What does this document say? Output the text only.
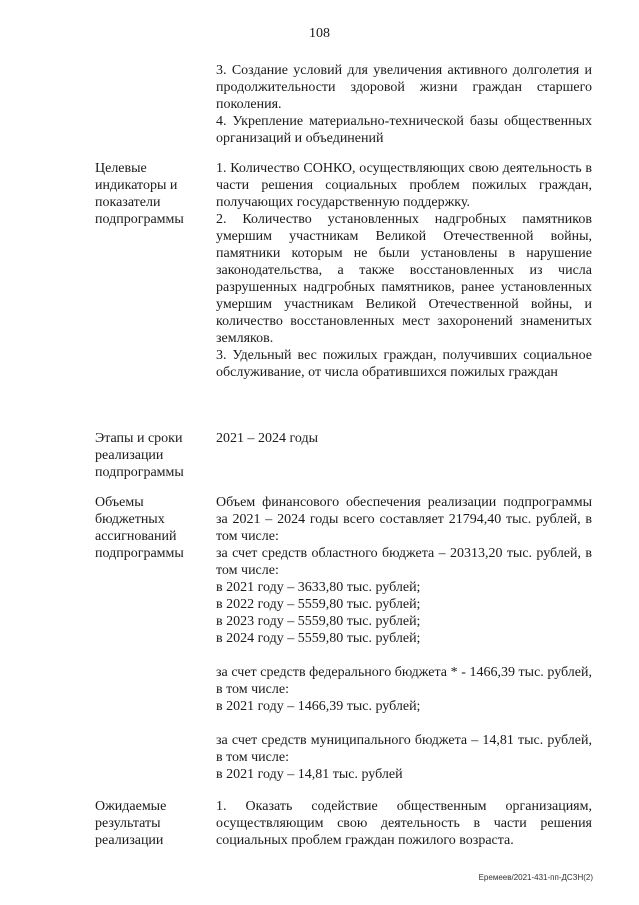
108

3. Создание условий для увеличения активного долголетия и продолжительности здоровой жизни граждан старшего поколения.

4. Укрепление материально-технической базы общественных организаций и объединений

Целевые индикаторы и показатели подпрограммы

1. Количество СОНКО, осуществляющих свою деятельность в части решения социальных проблем пожилых граждан, получающих государственную поддержку.

2. Количество установленных надгробных памятников умершим участникам Великой Отечественной войны, памятники которым не были установлены в нарушение законодательства, а также восстановленных из числа разрушенных надгробных памятников, ранее установленных умершим участникам Великой Отечественной войны, и количество восстановленных мест захоронений знаменитых земляков.

3. Удельный вес пожилых граждан, получивших социальное обслуживание, от числа обратившихся пожилых граждан

Этапы и сроки реализации подпрограммы

2021 – 2024 годы

Объемы бюджетных ассигнований подпрограммы

Объем финансового обеспечения реализации подпрограммы за 2021 – 2024 годы всего составляет 21794,40 тыс. рублей, в том числе:

за счет средств областного бюджета – 20313,20 тыс. рублей, в том числе:

в 2021 году – 3633,80 тыс. рублей;

в 2022 году – 5559,80 тыс. рублей;

в 2023 году – 5559,80 тыс. рублей;

в 2024 году – 5559,80 тыс. рублей;

за счет средств федерального бюджета * - 1466,39 тыс. рублей, в том числе:

в 2021 году – 1466,39 тыс. рублей;

за счет средств муниципального бюджета – 14,81 тыс. рублей, в том числе:

в 2021 году – 14,81 тыс. рублей

Ожидаемые результаты реализации

1. Оказать содействие общественным организациям, осуществляющим свою деятельность в части решения социальных проблем граждан пожилого возраста.

Еремеев/2021-431-пп-ДСЗН(2)
